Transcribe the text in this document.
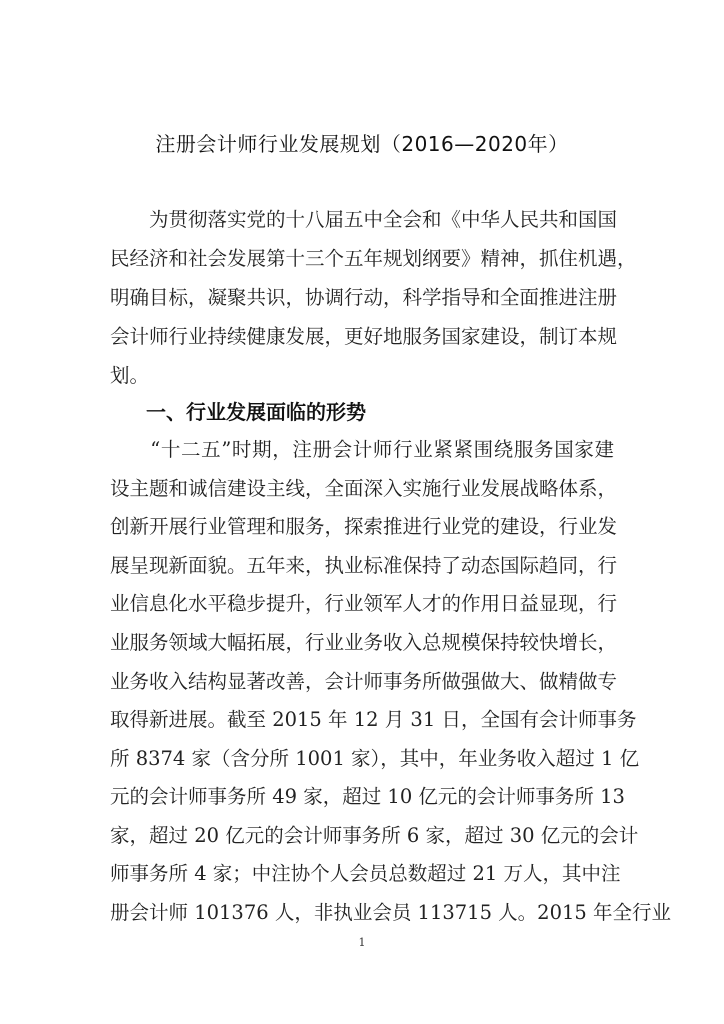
注册会计师行业发展规划（2016—2020年）
　　为贯彻落实党的十八届五中全会和《中华人民共和国国
民经济和社会发展第十三个五年规划纲要》精神，抓住机遇，
明确目标，凝聚共识，协调行动，科学指导和全面推进注册
会计师行业持续健康发展，更好地服务国家建设，制订本规
划。
一、行业发展面临的形势
　　“十二五”时期，注册会计师行业紧紧围绕服务国家建
设主题和诚信建设主线，全面深入实施行业发展战略体系，
创新开展行业管理和服务，探索推进行业党的建设，行业发
展呈现新面貌。五年来，执业标准保持了动态国际趋同，行
业信息化水平稳步提升，行业领军人才的作用日益显现，行
业服务领域大幅拓展，行业业务收入总规模保持较快增长，
业务收入结构显著改善，会计师事务所做强做大、做精做专
取得新进展。截至 2015 年 12 月 31 日，全国有会计师事务
所 8374 家（含分所 1001 家），其中，年业务收入超过 1 亿
元的会计师事务所 49 家，超过 10 亿元的会计师事务所 13
家，超过 20 亿元的会计师事务所 6 家，超过 30 亿元的会计
师事务所 4 家；中注协个人会员总数超过 21 万人，其中注
册会计师 101376 人，非执业会员 113715 人。2015 年全行业
1
